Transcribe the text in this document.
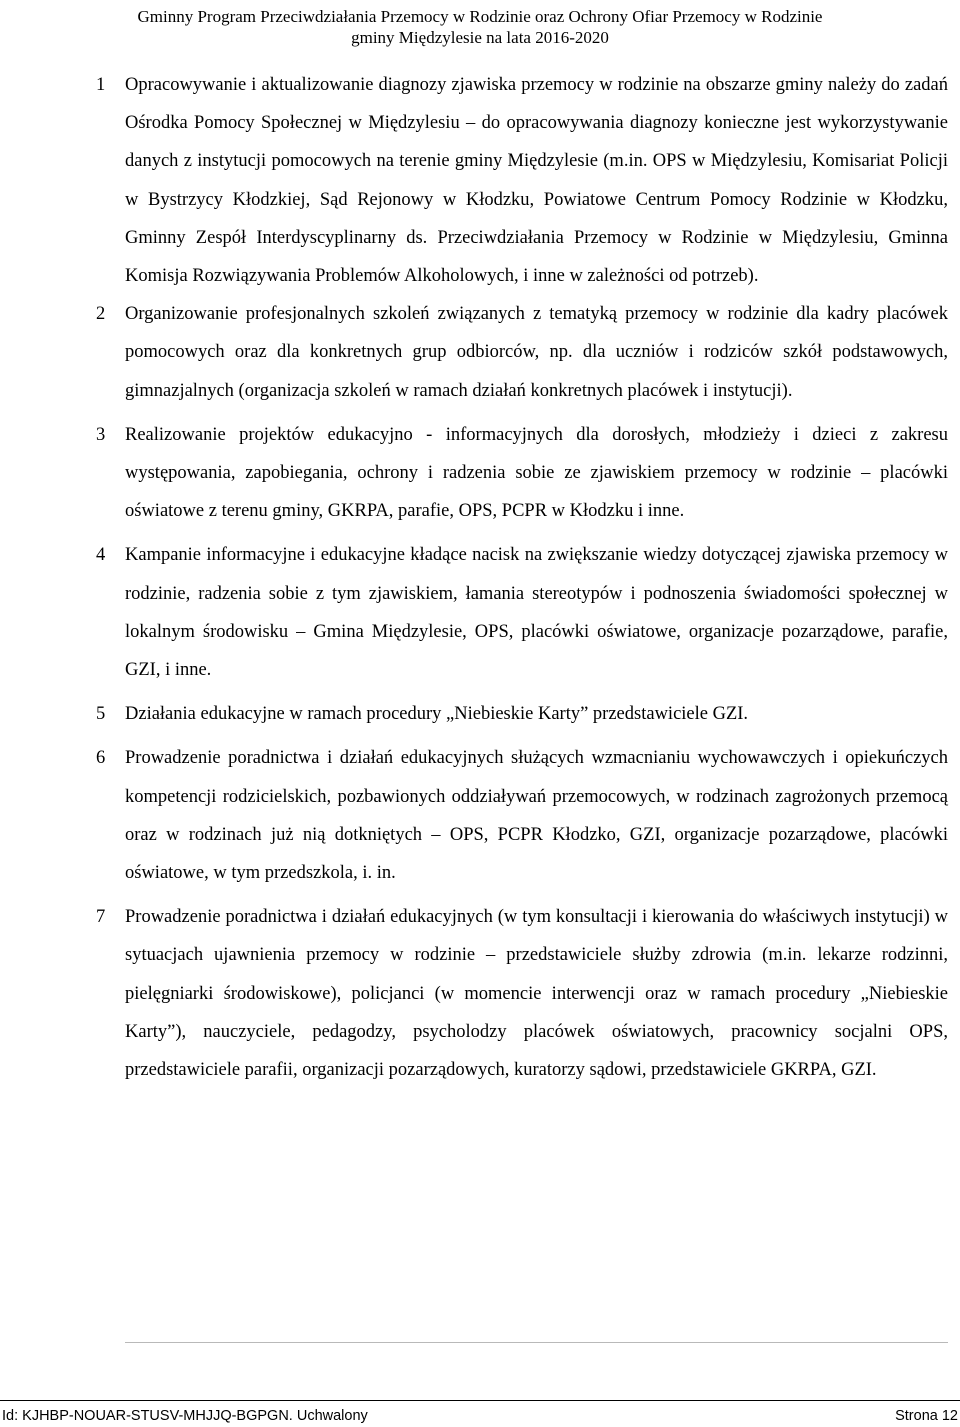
Gminny Program Przeciwdziałania Przemocy w Rodzinie oraz Ochrony Ofiar Przemocy w Rodzinie
gminy Międzylesie na lata 2016-2020
1 Opracowywanie i aktualizowanie diagnozy zjawiska przemocy w rodzinie na obszarze gminy należy do zadań Ośrodka Pomocy Społecznej w Międzylesiu – do opracowywania diagnozy konieczne jest wykorzystywanie danych z instytucji pomocowych na terenie gminy Międzylesie (m.in. OPS w Międzylesiu, Komisariat Policji w Bystrzycy Kłodzkiej, Sąd Rejonowy w Kłodzku, Powiatowe Centrum Pomocy Rodzinie w Kłodzku, Gminny Zespół Interdyscyplinarny ds. Przeciwdziałania Przemocy w Rodzinie w Międzylesiu, Gminna Komisja Rozwiązywania Problemów Alkoholowych, i inne w zależności od potrzeb).
2 Organizowanie profesjonalnych szkoleń związanych z tematyką przemocy w rodzinie dla kadry placówek pomocowych oraz dla konkretnych grup odbiorców, np. dla uczniów i rodziców szkół podstawowych, gimnazjalnych (organizacja szkoleń w ramach działań konkretnych placówek i instytucji).
3 Realizowanie projektów edukacyjno - informacyjnych dla dorosłych, młodzieży i dzieci z zakresu występowania, zapobiegania, ochrony i radzenia sobie ze zjawiskiem przemocy w rodzinie – placówki oświatowe z terenu gminy, GKRPA, parafie, OPS, PCPR w Kłodzku i inne.
4 Kampanie informacyjne i edukacyjne kładące nacisk na zwiększanie wiedzy dotyczącej zjawiska przemocy w rodzinie, radzenia sobie z tym zjawiskiem, łamania stereotypów i podnoszenia świadomości społecznej w lokalnym środowisku – Gmina Międzylesie, OPS, placówki oświatowe, organizacje pozarządowe, parafie, GZI, i inne.
5 Działania edukacyjne w ramach procedury „Niebieskie Karty” przedstawiciele GZI.
6 Prowadzenie poradnictwa i działań edukacyjnych służących wzmacnianiu wychowawczych i opiekuńczych kompetencji rodzicielskich, pozbawionych oddziaływań przemocowych, w rodzinach zagrożonych przemocą oraz w rodzinach już nią dotkniętych – OPS, PCPR Kłodzko, GZI, organizacje pozarządowe, placówki oświatowe, w tym przedszkola, i. in.
7 Prowadzenie poradnictwa i działań edukacyjnych (w tym konsultacji i kierowania do właściwych instytucji) w sytuacjach ujawnienia przemocy w rodzinie – przedstawiciele służby zdrowia (m.in. lekarze rodzinni, pielęgniarki środowiskowe), policjanci (w momencie interwencji oraz w ramach procedury „Niebieskie Karty”), nauczyciele, pedagodzy, psycholodzy placówek oświatowych, pracownicy socjalni OPS, przedstawiciele parafii, organizacji pozarządowych, kuratorzy sądowi, przedstawiciele GKRPA, GZI.
Id: KJHBP-NOUAR-STUSV-MHJJQ-BGPGN. Uchwalony	Strona 12
